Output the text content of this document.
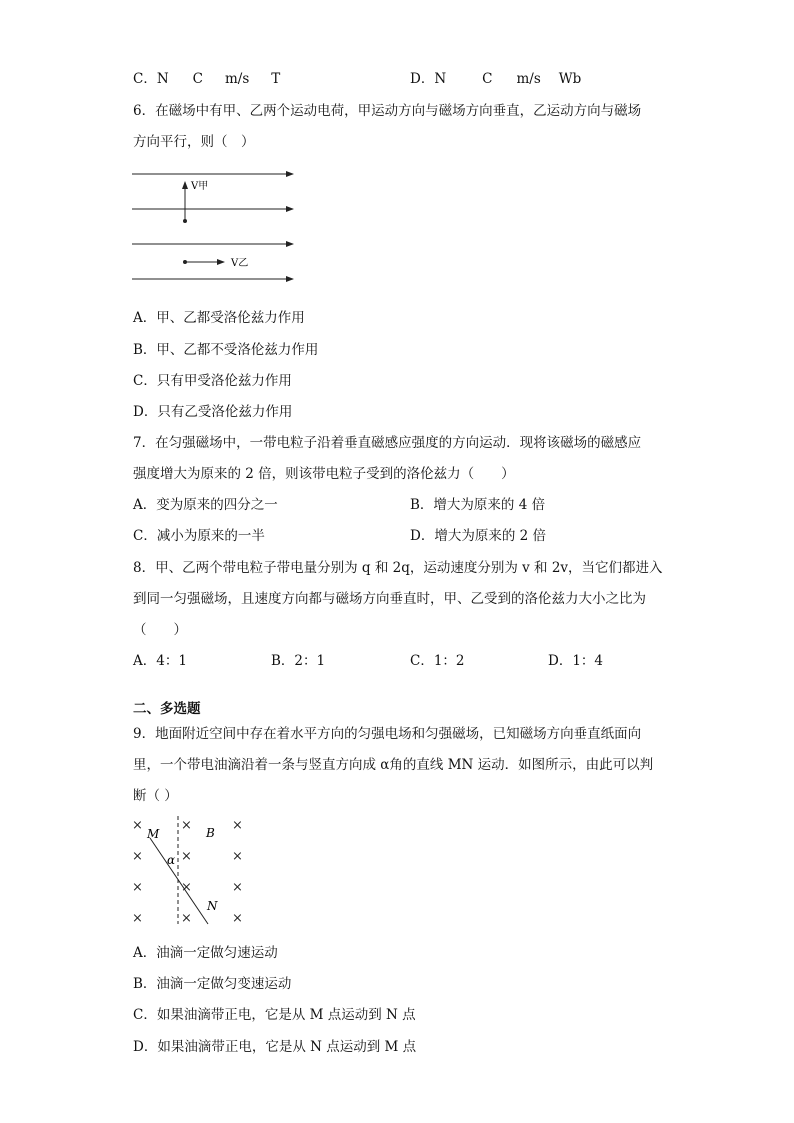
C．N C m/s T	D．N	C m/s Wb
6．在磁场中有甲、乙两个运动电荷，甲运动方向与磁场方向垂直，乙运动方向与磁场
方向平行，则（　）
V甲
V乙
A．甲、乙都受洛伦兹力作用
B．甲、乙都不受洛伦兹力作用
C．只有甲受洛伦兹力作用
D．只有乙受洛伦兹力作用
7．在匀强磁场中，一带电粒子沿着垂直磁感应强度的方向运动．现将该磁场的磁感应
强度增大为原来的 2 倍，则该带电粒子受到的洛伦兹力（　　）
A．变为原来的四分之一	B．增大为原来的 4 倍
C．减小为原来的一半	D．增大为原来的 2 倍
8．甲、乙两个带电粒子带电量分别为 q 和 2q，运动速度分别为 v 和 2v，当它们都进入
到同一匀强磁场，且速度方向都与磁场方向垂直时，甲、乙受到的洛伦兹力大小之比为
（　　）
A．4：1	B．2：1	C．1：2	D．1：4
二、多选题
9．地面附近空间中存在着水平方向的匀强电场和匀强磁场，已知磁场方向垂直纸面向
里，一个带电油滴沿着一条与竖直方向成 α角的直线 MN 运动．如图所示，由此可以判
断（ ）
×	×	×
×	×	×
×	×	×
×	×	×
M
N
B
α
A．油滴一定做匀速运动
B．油滴一定做匀变速运动
C．如果油滴带正电，它是从 M 点运动到 N 点
D．如果油滴带正电，它是从 N 点运动到 M 点
